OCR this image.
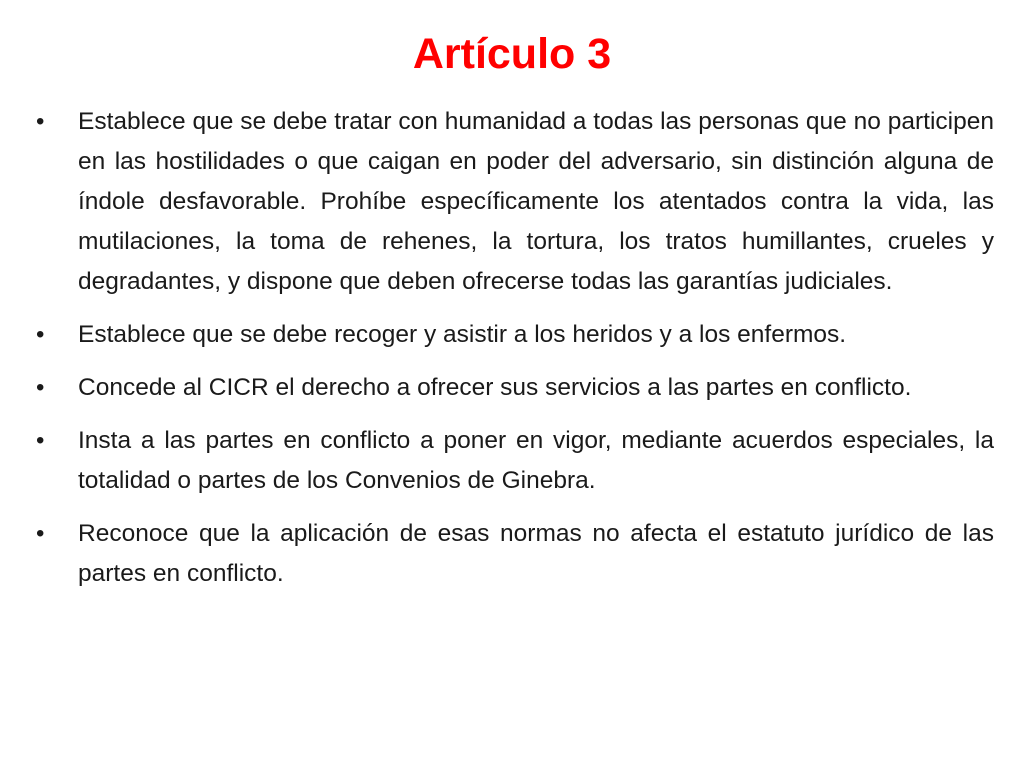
Artículo 3
•	Establece que se debe tratar con humanidad a todas las personas que no participen en las hostilidades o que caigan en poder del adversario, sin distinción alguna de índole desfavorable. Prohíbe específicamente los atentados contra la vida, las mutilaciones, la toma de rehenes, la tortura, los tratos humillantes, crueles y degradantes, y dispone que deben ofrecerse todas las garantías judiciales.
•	Establece que se debe recoger y asistir a los heridos y a los enfermos.
•	Concede al CICR el derecho a ofrecer sus servicios a las partes en conflicto.
•	Insta a las partes en conflicto a poner en vigor, mediante acuerdos especiales, la totalidad o partes de los Convenios de Ginebra.
•	Reconoce que la aplicación de esas normas no afecta el estatuto jurídico de las partes en conflicto.
